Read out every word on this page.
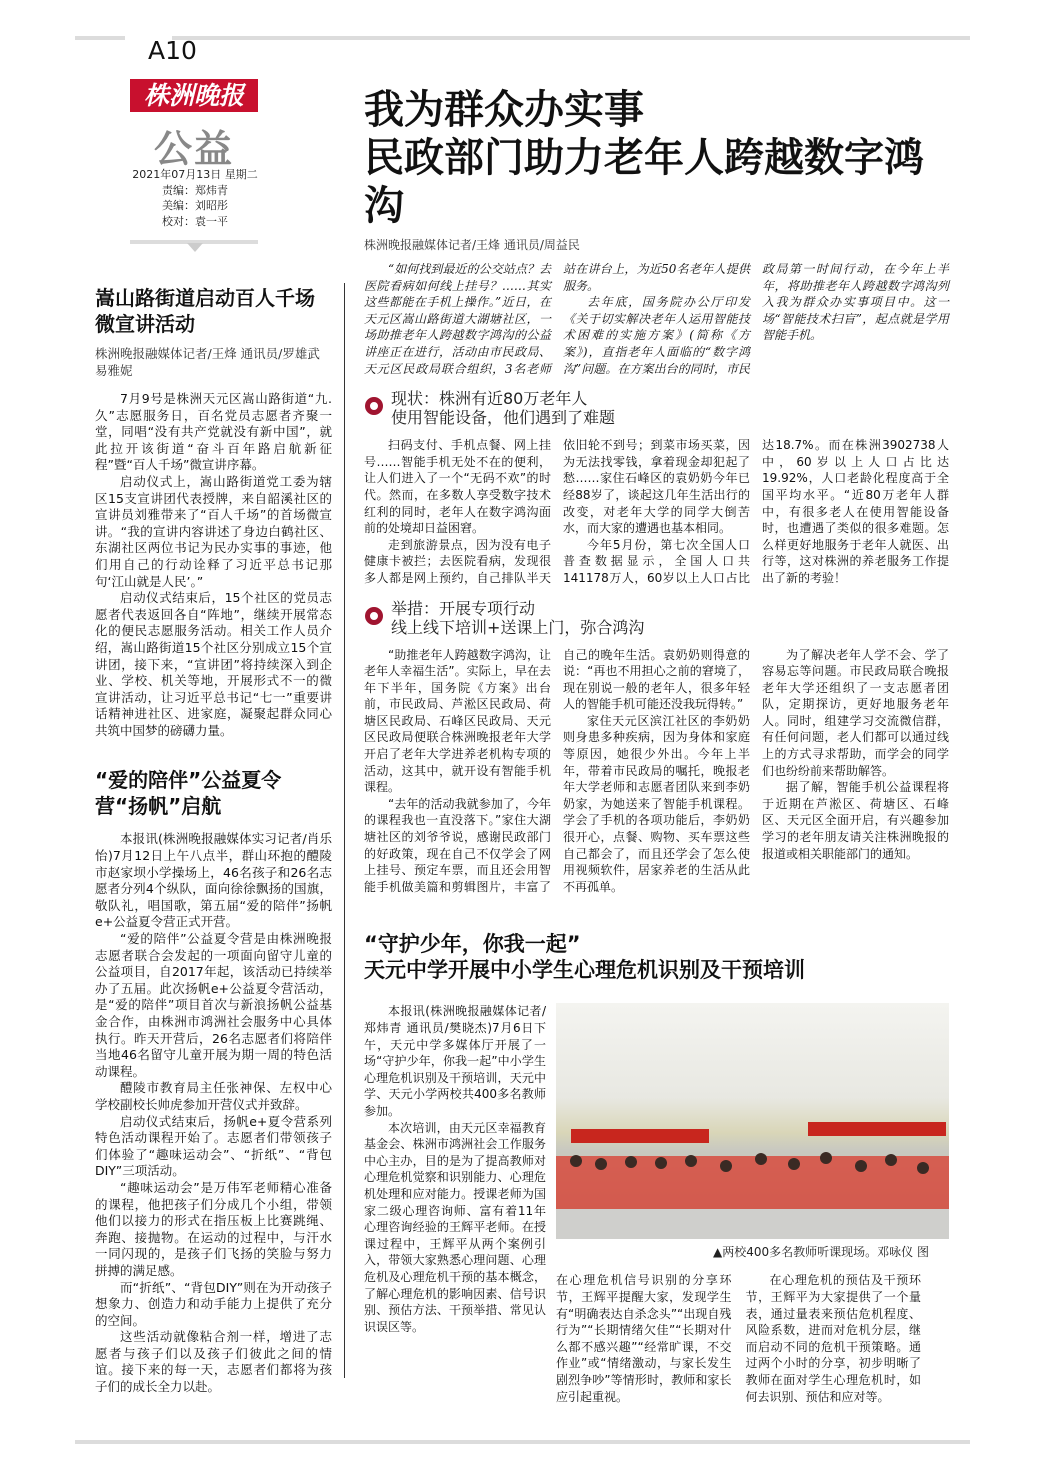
A10
株洲晚报
公益
2021年07月13日 星期二
责编：郑炜青
美编：刘昭彤
校对：袁一平
嵩山路街道启动百人千场微宣讲活动
株洲晚报融媒体记者/王烽 通讯员/罗雄武 易雅妮

7月9号是株洲天元区嵩山路街道“九.久”志愿服务日，百名党员志愿者齐聚一堂，同唱“没有共产党就没有新中国”，就此拉开该街道“奋斗百年路启航新征程”暨“百人千场”微宣讲序幕。

启动仪式上，嵩山路街道党工委为辖区15支宣讲团代表授牌，来自韶溪社区的宣讲员刘雅带来了“百人千场”的首场微宣讲。“我的宣讲内容讲述了身边白鹤社区、东湖社区两位书记为民办实事的事迹，他们用自己的行动诠释了习近平总书记那句‘江山就是人民’。”

启动仪式结束后，15个社区的党员志愿者代表返回各自“阵地”，继续开展常态化的便民志愿服务活动。相关工作人员介绍，嵩山路街道15个社区分别成立15个宣讲团，接下来，“宣讲团”将持续深入到企业、学校、机关等地，开展形式不一的微宣讲活动，让习近平总书记“七一”重要讲话精神进社区、进家庭，凝聚起群众同心共筑中国梦的磅礴力量。

“爱的陪伴”公益夏令营“扬帆”启航

本报讯(株洲晚报融媒体实习记者/肖乐怡)7月12日上午八点半，群山环抱的醴陵市赵家坝小学操场上，46名孩子和26名志愿者分列4个纵队，面向徐徐飘扬的国旗，敬队礼，唱国歌，第五届“爱的陪伴”扬帆e+公益夏令营正式开营。

“爱的陪伴”公益夏令营是由株洲晚报志愿者联合会发起的一项面向留守儿童的公益项目，自2017年起，该活动已持续举办了五届。此次扬帆e+公益夏令营活动，是“爱的陪伴”项目首次与新浪扬帆公益基金合作，由株洲市鸿洲社会服务中心具体执行。昨天开营后，26名志愿者们将陪伴当地46名留守儿童开展为期一周的特色活动课程。

醴陵市教育局主任张神保、左权中心学校副校长帅虎参加开营仪式并致辞。

启动仪式结束后，扬帆e+夏令营系列特色活动课程开始了。志愿者们带领孩子们体验了“趣味运动会”、“折纸”、“背包DIY”三项活动。

“趣味运动会”是万伟军老师精心准备的课程，他把孩子们分成几个小组，带领他们以接力的形式在指压板上比赛跳绳、奔跑、接抛物。在运动的过程中，与汗水一同闪现的，是孩子们飞扬的笑脸与努力拼搏的满足感。

而“折纸”、“背包DIY”则在为开动孩子想象力、创造力和动手能力上提供了充分的空间。

这些活动就像粘合剂一样，增进了志愿者与孩子们以及孩子们彼此之间的情谊。接下来的每一天，志愿者们都将为孩子们的成长全力以赴。

我为群众办实事
民政部门助力老年人跨越数字鸿沟
株洲晚报融媒体记者/王烽 通讯员/周益民

“如何找到最近的公交站点？去医院看病如何线上挂号？……其实这些都能在手机上操作。”近日，在天元区嵩山路街道大湖塘社区，一场助推老年人跨越数字鸿沟的公益讲座正在进行，活动由市民政局、天元区民政局联合组织，3名老师站在讲台上，为近50名老年人提供服务。

去年底，国务院办公厅印发《关于切实解决老年人运用智能技术困难的实施方案》(简称《方案》)，直指老年人面临的“数字鸿沟”问题。在方案出台的同时，市民政局第一时间行动，在今年上半年，将助推老年人跨越数字鸿沟列入我为群众办实事项目中。这一场“智能技术扫盲”，起点就是学用智能手机。

现状：株洲有近80万老年人
使用智能设备，他们遇到了难题

扫码支付、手机点餐、网上挂号……智能手机无处不在的便利，让人们进入了一个“无码不欢”的时代。然而，在多数人享受数字技术红利的同时，老年人在数字鸿沟面前的处境却日益困窘。

走到旅游景点，因为没有电子健康卡被拦；去医院看病，发现很多人都是网上预约，自己排队半天依旧轮不到号；到菜市场买菜，因为无法找零钱，拿着现金却犯起了愁……家住石峰区的袁奶奶今年已经88岁了，谈起这几年生活出行的改变，对老年大学的同学大倒苦水，而大家的遭遇也基本相同。

今年5月份，第七次全国人口普查数据显示，全国人口共141178万人，60岁以上人口占比达18.7%。而在株洲3902738人中，60岁以上人口占比达19.92%，人口老龄化程度高于全国平均水平。“近80万老年人群中，有很多老人在使用智能设备时，也遭遇了类似的很多难题。怎么样更好地服务于老年人就医、出行等，这对株洲的养老服务工作提出了新的考验！

举措：开展专项行动
线上线下培训+送课上门，弥合鸿沟

“助推老年人跨越数字鸿沟，让老年人幸福生活”。实际上，早在去年下半年，国务院《方案》出台前，市民政局、芦淞区民政局、荷塘区民政局、石峰区民政局、天元区民政局便联合株洲晚报老年大学开启了老年大学进养老机构专项的活动，这其中，就开设有智能手机课程。

“去年的活动我就参加了，今年的课程我也一直没落下。”家住大湖塘社区的刘爷爷说，感谢民政部门的好政策，现在自己不仅学会了网上挂号、预定车票，而且还会用智能手机做美篇和剪辑图片，丰富了自己的晚年生活。袁奶奶则得意的说：“再也不用担心之前的窘境了，现在别说一般的老年人，很多年轻人的智能手机可能还没我玩得转。”

家住天元区滨江社区的李奶奶则身患多种疾病，因为身体和家庭等原因，她很少外出。今年上半年，带着市民政局的嘱托，晚报老年大学老师和志愿者团队来到李奶奶家，为她送来了智能手机课程。学会了手机的各项功能后，李奶奶很开心，点餐、购物、买车票这些自己都会了，而且还学会了怎么使用视频软件，居家养老的生活从此不再孤单。

为了解决老年人学不会、学了容易忘等问题。市民政局联合晚报老年大学还组织了一支志愿者团队，定期探访，更好地服务老年人。同时，组建学习交流微信群，有任何问题，老人们都可以通过线上的方式寻求帮助，而学会的同学们也纷纷前来帮助解答。

据了解，智能手机公益课程将于近期在芦淞区、荷塘区、石峰区、天元区全面开启，有兴趣参加学习的老年朋友请关注株洲晚报的报道或相关职能部门的通知。

“守护少年，你我一起”
天元中学开展中小学生心理危机识别及干预培训

本报讯(株洲晚报融媒体记者/郑炜青 通讯员/樊晓杰)7月6日下午，天元中学多媒体厅开展了一场“守护少年，你我一起”中小学生心理危机识别及干预培训，天元中学、天元小学两校共400多名教师参加。

本次培训，由天元区幸福教育基金会、株洲市鸿洲社会工作服务中心主办，目的是为了提高教师对心理危机觉察和识别能力、心理危机处理和应对能力。授课老师为国家二级心理咨询师、富有着11年心理咨询经验的王辉平老师。在授课过程中，王辉平从两个案例引入，带领大家熟悉心理问题、心理危机及心理危机干预的基本概念，了解心理危机的影响因素、信号识别、预估方法、干预举措、常见认识误区等。

▲两校400多名教师听课现场。邓咏仪 图

在心理危机信号识别的分享环节，王辉平提醒大家，发现学生有“明确表达自杀念头”“出现自残行为”“长期情绪欠佳”“长期对什么都不感兴趣”“经常旷课，不交作业”或“情绪激动，与家长发生剧烈争吵”等情形时，教师和家长应引起重视。

在心理危机的预估及干预环节，王辉平为大家提供了一个量表，通过量表来预估危机程度、风险系数，进而对危机分层，继而启动不同的危机干预策略。通过两个小时的分享，初步明晰了教师在面对学生心理危机时，如何去识别、预估和应对等。
